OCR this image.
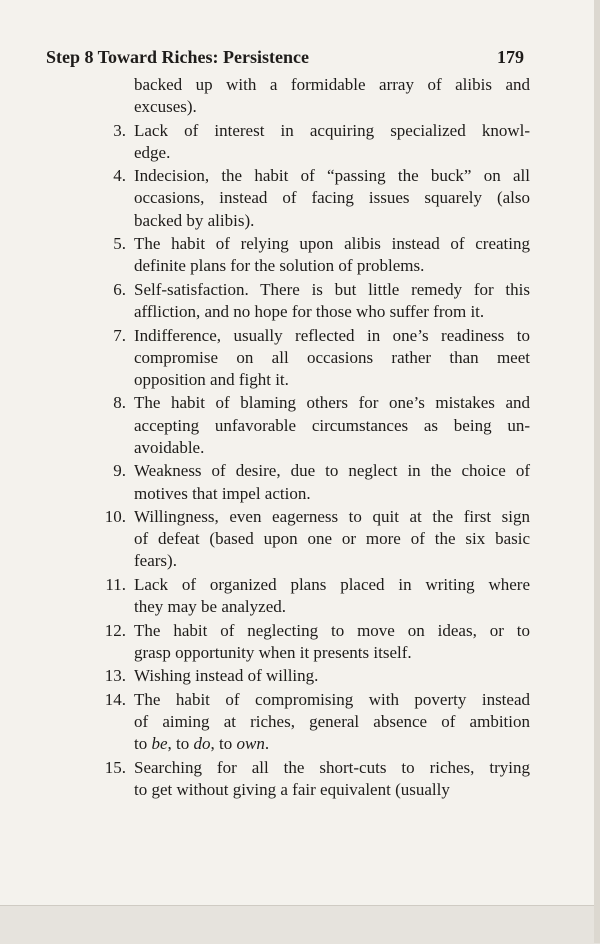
Step 8 Toward Riches: Persistence	179
backed up with a formidable array of alibis and
excuses).
3. Lack of interest in acquiring specialized knowl-
edge.
4. Indecision, the habit of “passing the buck” on all
occasions, instead of facing issues squarely (also
backed by alibis).
5. The habit of relying upon alibis instead of creating
definite plans for the solution of problems.
6. Self-satisfaction. There is but little remedy for this
affliction, and no hope for those who suffer from it.
7. Indifference, usually reflected in one’s readiness to
compromise on all occasions rather than meet
opposition and fight it.
8. The habit of blaming others for one’s mistakes and
accepting unfavorable circumstances as being un-
avoidable.
9. Weakness of desire, due to neglect in the choice of
motives that impel action.
10. Willingness, even eagerness to quit at the first sign
of defeat (based upon one or more of the six basic
fears).
11. Lack of organized plans placed in writing where
they may be analyzed.
12. The habit of neglecting to move on ideas, or to
grasp opportunity when it presents itself.
13. Wishing instead of willing.
14. The habit of compromising with poverty instead
of aiming at riches, general absence of ambition
to be, to do, to own.
15. Searching for all the short-cuts to riches, trying
to get without giving a fair equivalent (usually
